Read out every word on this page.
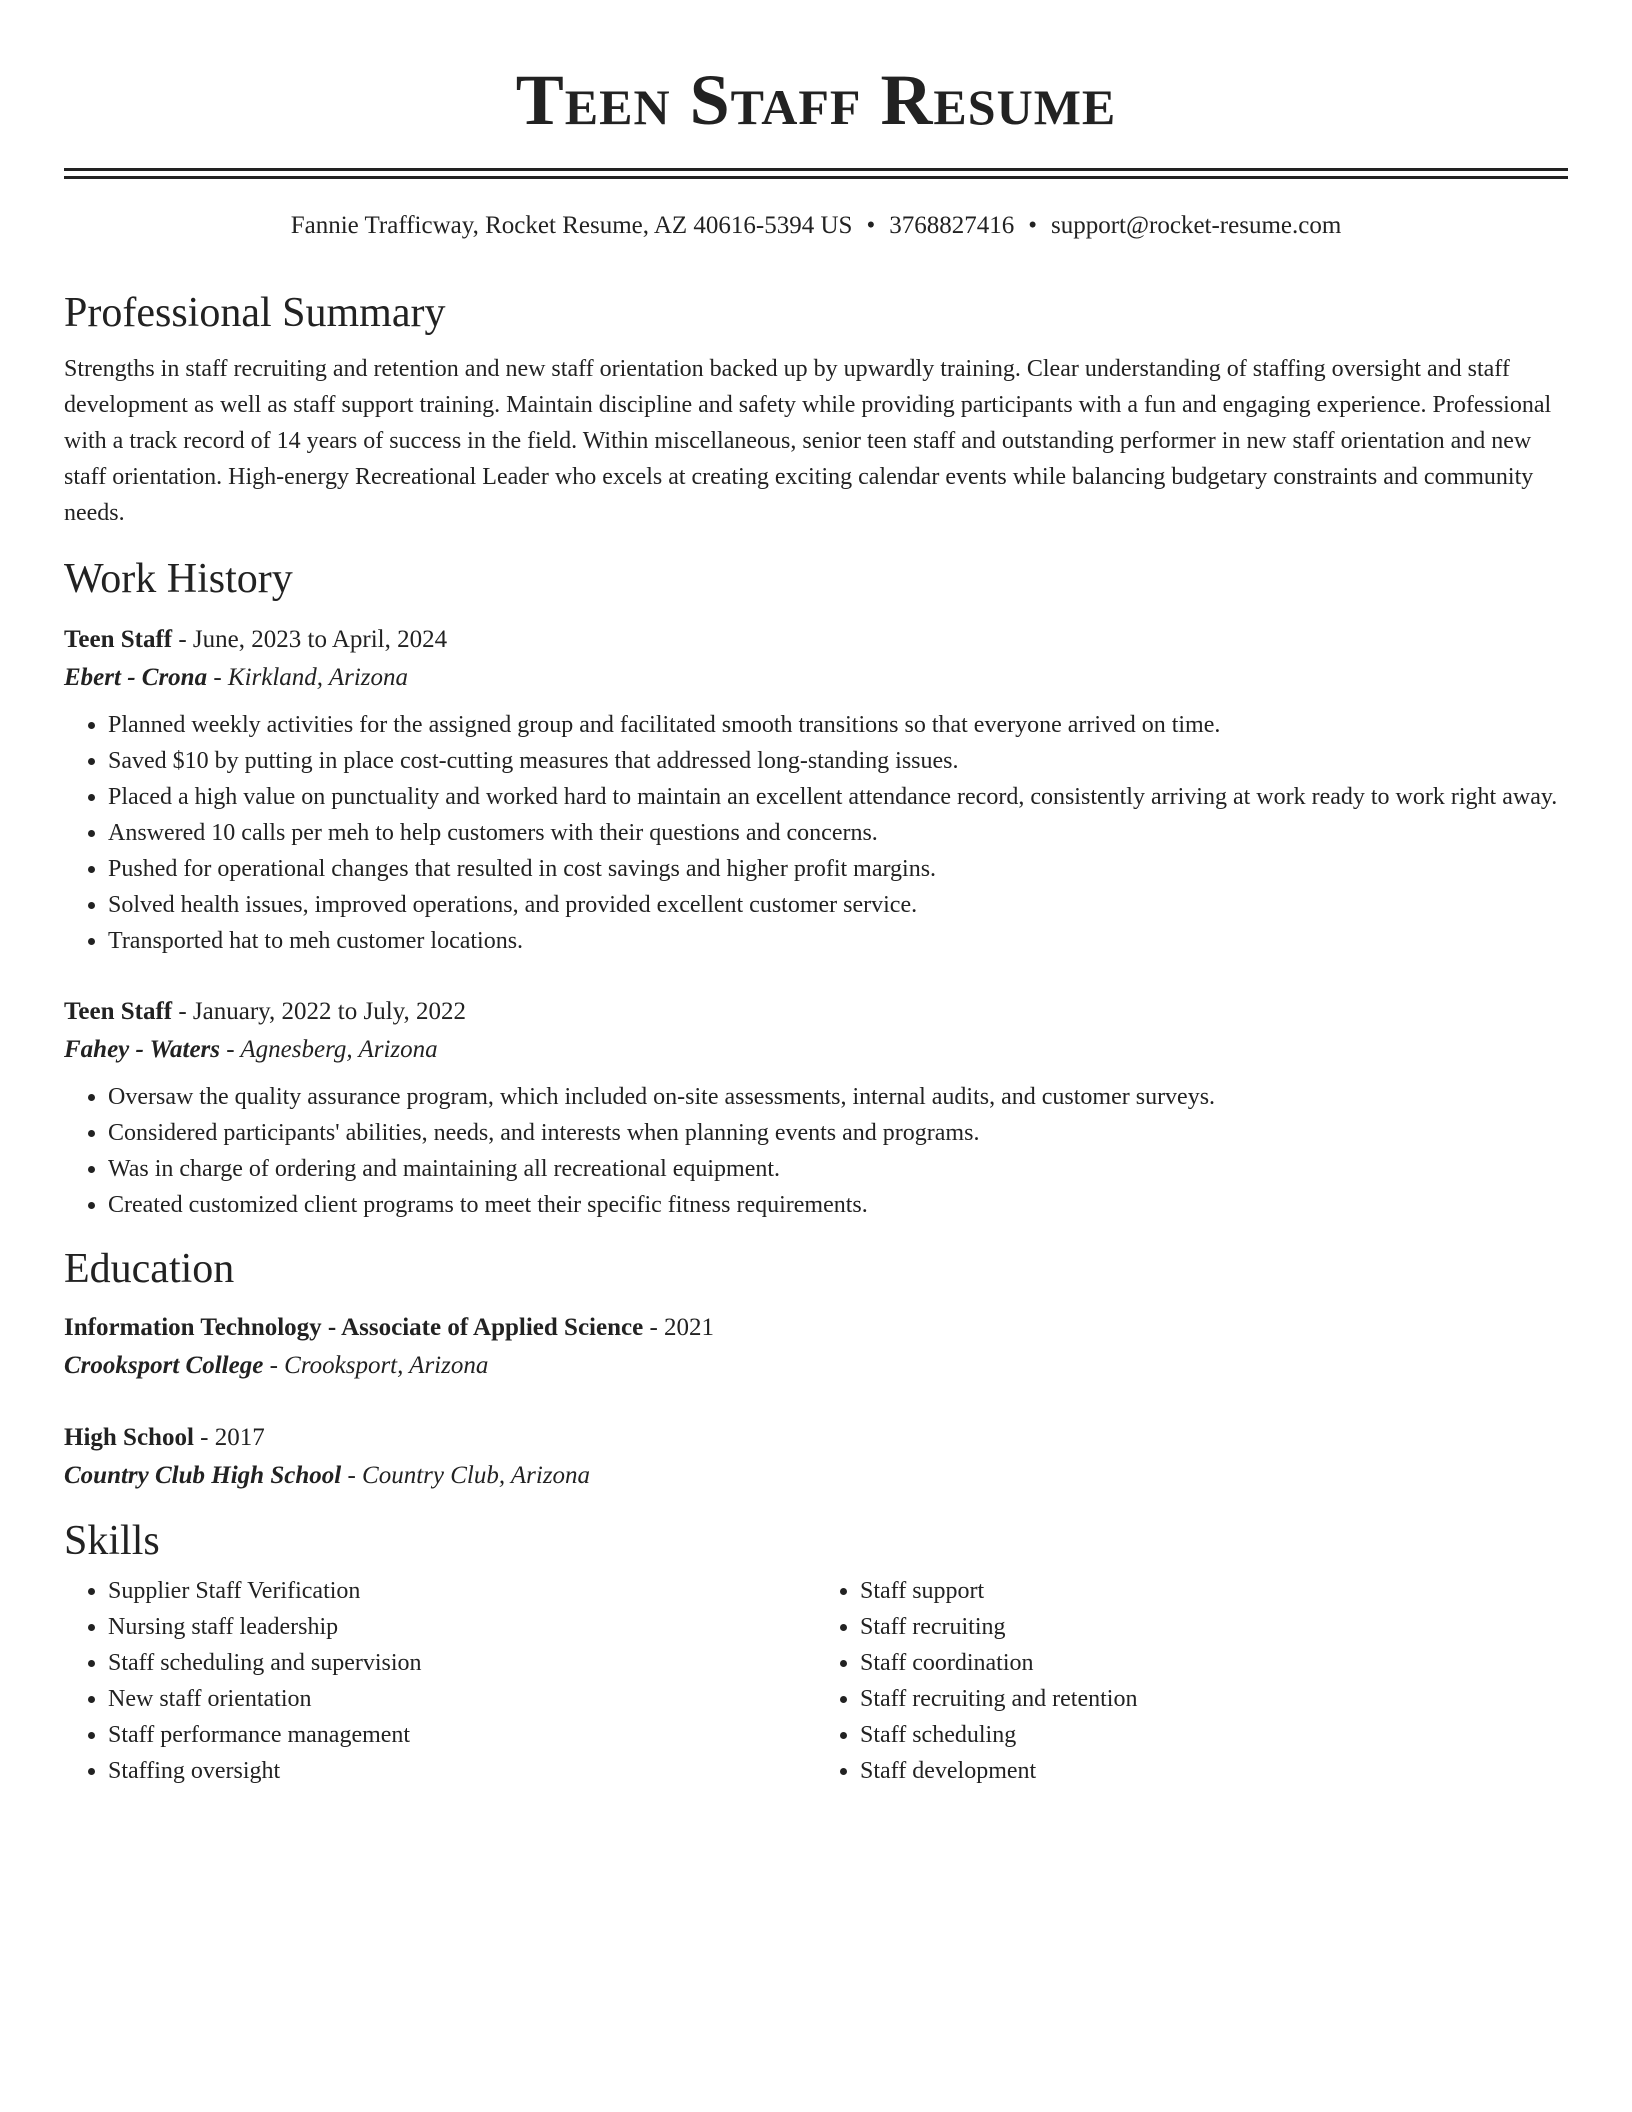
Teen Staff Resume
Fannie Trafficway, Rocket Resume, AZ 40616-5394 US • 3768827416 • support@rocket-resume.com
Professional Summary

Strengths in staff recruiting and retention and new staff orientation backed up by upwardly training. Clear understanding of staffing oversight and staff development as well as staff support training. Maintain discipline and safety while providing participants with a fun and engaging experience. Professional with a track record of 14 years of success in the field. Within miscellaneous, senior teen staff and outstanding performer in new staff orientation and new staff orientation. High-energy Recreational Leader who excels at creating exciting calendar events while balancing budgetary constraints and community needs.

Work History
Teen Staff - June, 2023 to April, 2024
Ebert - Crona - Kirkland, Arizona
• Planned weekly activities for the assigned group and facilitated smooth transitions so that everyone arrived on time.
• Saved $10 by putting in place cost-cutting measures that addressed long-standing issues.
• Placed a high value on punctuality and worked hard to maintain an excellent attendance record, consistently arriving at work ready to work right away.
• Answered 10 calls per meh to help customers with their questions and concerns.
• Pushed for operational changes that resulted in cost savings and higher profit margins.
• Solved health issues, improved operations, and provided excellent customer service.
• Transported hat to meh customer locations.
Teen Staff - January, 2022 to July, 2022
Fahey - Waters - Agnesberg, Arizona
• Oversaw the quality assurance program, which included on-site assessments, internal audits, and customer surveys.
• Considered participants' abilities, needs, and interests when planning events and programs.
• Was in charge of ordering and maintaining all recreational equipment.
• Created customized client programs to meet their specific fitness requirements.
Education
Information Technology - Associate of Applied Science - 2021
Crooksport College - Crooksport, Arizona
High School - 2017
Country Club High School - Country Club, Arizona
Skills
• Supplier Staff Verification
• Nursing staff leadership
• Staff scheduling and supervision
• New staff orientation
• Staff performance management
• Staffing oversight
• Staff support
• Staff recruiting
• Staff coordination
• Staff recruiting and retention
• Staff scheduling
• Staff development
